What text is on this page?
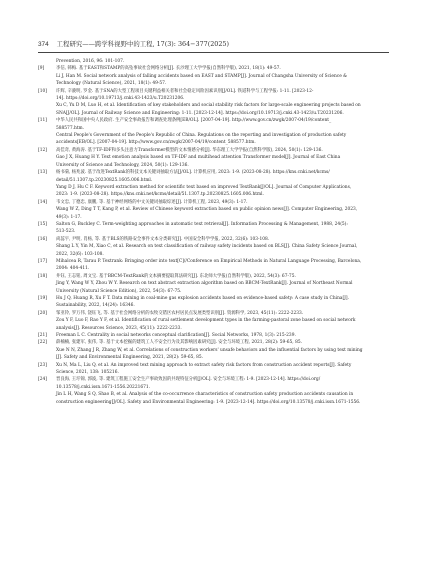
374 工程研究——跨学科视野中的工程, 17(3): 364−377(2025)
Prevention, 2016, 96: 101-107.
[9]	李信, 韩梅. 基于EAST和STAMP的高坠事故社会网络分析[J]. 长沙理工大学学报(自然科学版), 2021, 18(1): 49-57.
Li J, Han M. Social network analysis of falling accidents based on EAST and STAMP[J]. Journal of Changsha University of Science &
Technology (Natural Science), 2021, 18(1): 49-57.
[10] 许辉, 辛骏明, 罗金. 基于SNA的大型工程项目关键利益相关者和社会稳定风险因素识别[J/OL]. 铁道科学与工程学报: 1-11. [2023-12-
14]. https://doi.org/10.19713/j.cnki.43-1423/u.T20231206.
Xu C, Yu D M, Luo H, et al. Identification of key stakeholders and social stability risk factors for large-scale engineering projects based on
SNA[J/OL]. Journal of Railway Science and Engineering: 1-11. [2023-12-14]. https://doi.org/10.19713/j.cnki.43-1423/u.T20231206.
[11] 中华人民共和国中央人民政府. 生产安全事故报告和调查处理条例[EB/OL]. [2007-04-19]. http://www.gov.cn/zwgk/2007-04/19/content_
588577.htm.
Central People's Government of the People's Republic of China. Regulations on the reporting and investigation of production safety
accidents[EB/OL]. [2007-04-19]. http://www.gov.cn/zwgk/2007-04/19/content_588577.htm.
[12] 高佳奇, 黄海涛. 基于TF-IDF和多头注意力Transformer模型的文本情感分析[J]. 华东理工大学学报(自然科学版), 2024, 50(1): 129-136.
Gao J X, Huang H Y. Text emotion analysis based on TF-IDF and multihead attention Transformer model[J]. Journal of East China
University of Science and Technology, 2024, 50(1): 129-136.
[13] 杨书菊, 杨兆波. 基于改进TextRank的科技文本关键词抽取方法[J/OL]. 计算机应用, 2023: 1-9. (2023-08-28). https://kns.cnki.net/kcms/
detail/51.1307.tp.20230825.1605.006.html.
Yang D J, Hu C F. Keyword extraction method for scientific text based on improved TextRank[J/OL]. Journal of Computer Applications,
2023: 1-9. (2023-08-28). https://kns.cnki.net/kcms/detail/51.1307.tp.20230825.1605.006.html.
[14] 韦文忠, 丁德忠, 康鹏, 等. 基于神经网络的中文关键词抽取综述[J]. 计算机工程, 2023, 49(3): 1-17.
Wang W Z, Ding T T, Kang P, et al. Review of Chinese keyword extraction based on public opinion news[J]. Computer Engineering, 2023,
49(3): 1-17.
[15] Salton G, Buckley C. Term-weighting approaches in automatic text retrieval[J]. Information Processing & Management, 1988, 24(5):
513-523.
[16] 尚蕊宇, 尹明, 肖杨, 等. 基于BLS的铁路安全事件文本分类研究[J]. 中国安全科学学报, 2022, 32(6): 103-108.
Shang L Y, Yin M, Xiao C, et al. Research on text classification of railway safety incidents based on BLS[J]. China Safety Science Journal,
2022, 32(6): 103-108.
[17] Mihalcea R, Tarau P. Textrank: Bringing order into text[C]//Conference on Empirical Methods in Natural Language Processing, Barcelona,
2004: 404-411.
[18] 井钰, 王志铭, 周文宝. 基于BBCM-TextRank的文本摘要提取算法研究[J]. 东北师大学报(自然科学版), 2022, 54(3): 67-75.
Jing Y, Wang W Y, Zhou W Y. Research on text abstract extraction algorithm based on BBCM-TextRank[J]. Journal of Northeast Normal
University (Natural Science Edition), 2022, 54(3): 67-75.
[19] Hu J Q, Huang R, Xu F T. Data mining in coal-mine gas explosion accidents based on evidence-based safety: A case study in China[J].
Sustainability, 2022, 14(24): 16346.
[20] 邹亚铃, 罗万伟, 饶钰飞, 等. 基于社会网络分析的农牧交错区农村居民点发展类型识别[J]. 资源科学, 2023, 45(11): 2222-2233.
Zou Y F, Luo F, Rao Y F, et al. Identification of rural settlement development types in the farming-pastoral zone based on social network
analysis[J]. Resources Science, 2023, 45(11): 2222-2233.
[21] Freeman L C. Centrality in social networks conceptual clarification[J]. Social Networks, 1978, 1(3): 215-239.
[22] 薛楠楠, 张建军, 张伟, 等. 基于文本挖掘的建筑工人不安全行为及其影响因素研究[J]. 安全与环境工程, 2021, 28(2): 59-65, 85.
Xue N N, Zhang J R, Zhang W, et al. Correlations of construction workers' unsafe behaviors and the influential factors by using text mining
[J]. Safety and Environmental Engineering, 2021, 28(2): 59-65, 85.
[23] Xu N, Ma L, Liu Q, et al. An improved text mining approach to extract safety risk factors from construction accident reports[J]. Safety
Science, 2021, 138: 105216.
[24] 晋良海, 王圩锦, 郭波, 等. 建筑工程施工安全生产事故致因的共现特征分析[J/OL]. 安全与环境工程: 1-9. [2023-12-14]. https://doi.org/
10.13578/j.cnki.issn.1671-1556.20221671.
Jin L H, Wang S Q, Shao B, et al. Analysis of the co-occurrence characteristics of construction safety production accidents causation in
construction engineering[J/OL]. Safety and Environmental Engineering: 1-9. [2023-12-14]. https://doi.org/10.13578/j.cnki.issn.1671-1556.
